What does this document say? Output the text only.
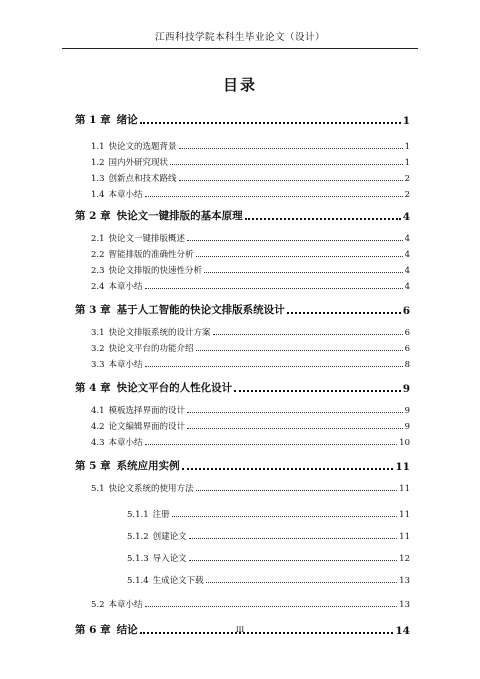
江西科技学院本科生毕业论文（设计）
目录
第 1 章 绪论	1
1.1 快论文的选题背景	1
1.2 国内外研究现状	1
1.3 创新点和技术路线	2
1.4 本章小结	2
第 2 章 快论文一键排版的基本原理	4
2.1 快论文一键排版概述	4
2.2 智能排版的准确性分析	4
2.3 快论文排版的快速性分析	4
2.4 本章小结	4
第 3 章 基于人工智能的快论文排版系统设计	6
3.1 快论文排版系统的设计方案	6
3.2 快论文平台的功能介绍	6
3.3 本章小结	8
第 4 章 快论文平台的人性化设计	9
4.1 模板选择界面的设计	9
4.2 论文编辑界面的设计	9
4.3 本章小结	10
第 5 章 系统应用实例	11
5.1 快论文系统的使用方法	11
5.1.1 注册	11
5.1.2 创建论文	11
5.1.3 导入论文	12
5.1.4 生成论文下载	13
5.2 本章小结	13
第 6 章 结论	14
III
